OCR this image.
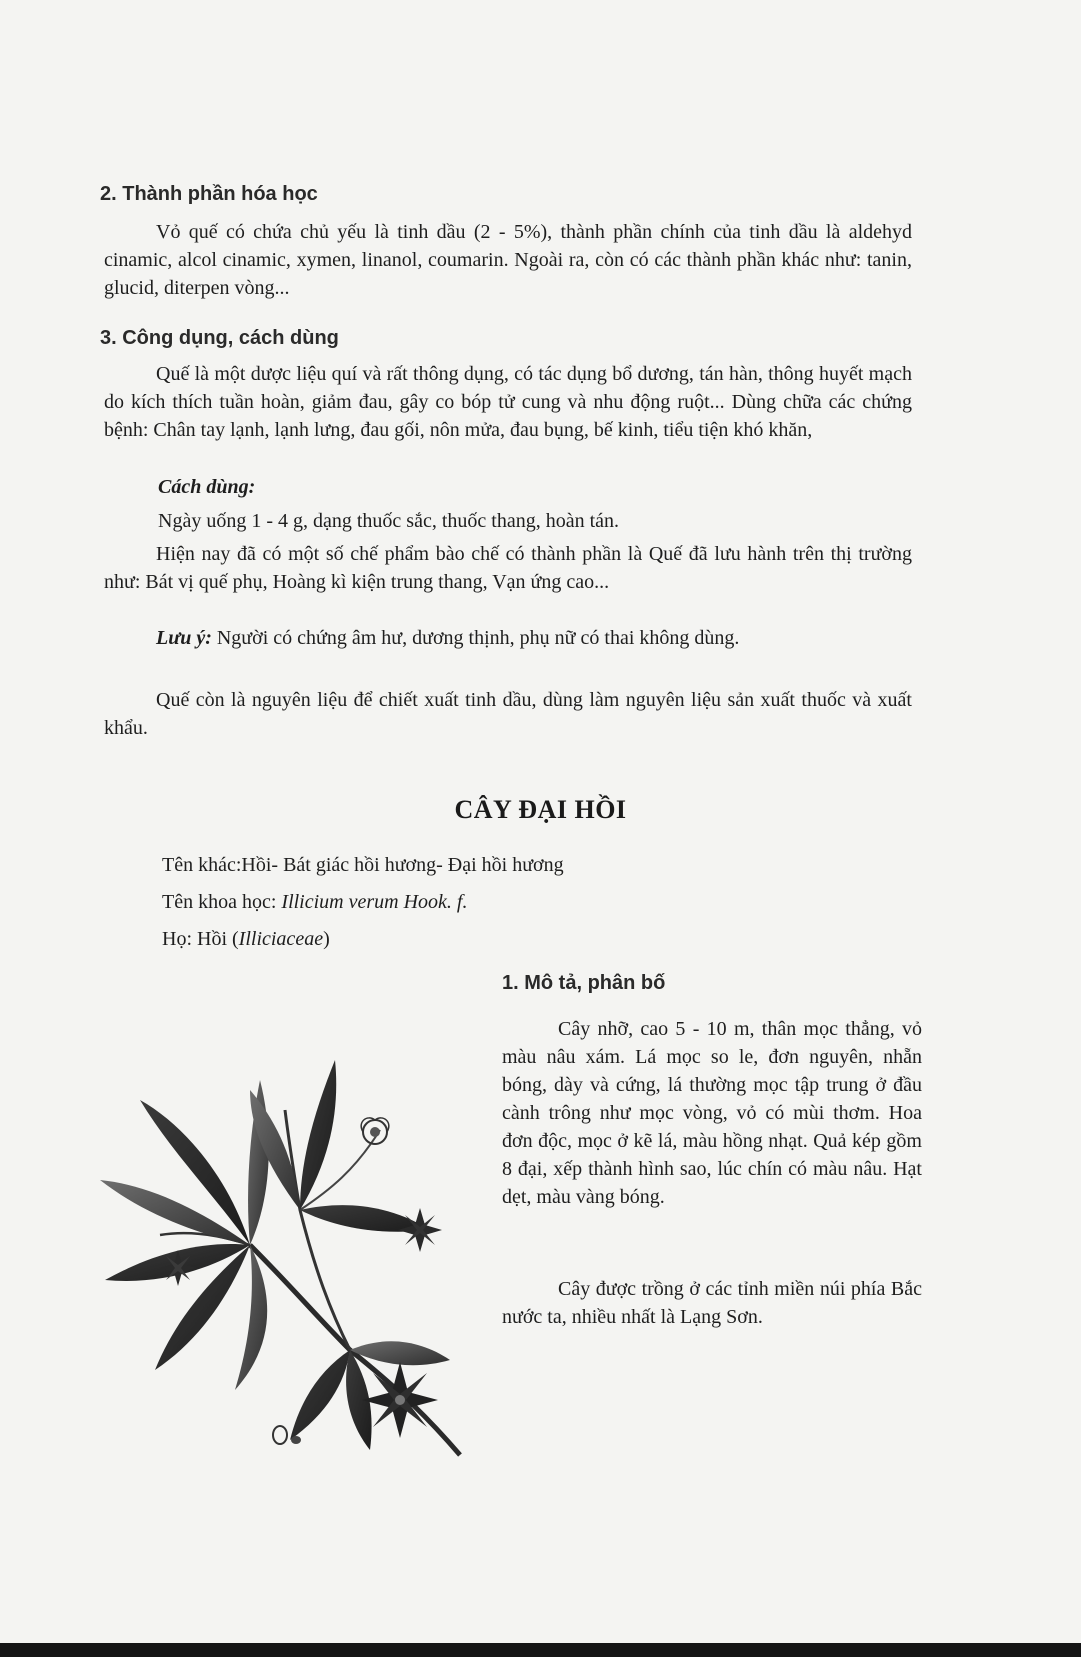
2. Thành phần hóa học

Vỏ quế có chứa chủ yếu là tinh dầu (2 - 5%), thành phần chính của tinh dầu là aldehyd cinamic, alcol cinamic, xymen, linanol, coumarin. Ngoài ra, còn có các thành phần khác như: tanin, glucid, diterpen vòng...

3. Công dụng, cách dùng

Quế là một dược liệu quí và rất thông dụng, có tác dụng bổ dương, tán hàn, thông huyết mạch do kích thích tuần hoàn, giảm đau, gây co bóp tử cung và nhu động ruột... Dùng chữa các chứng bệnh: Chân tay lạnh, lạnh lưng, đau gối, nôn mửa, đau bụng, bế kinh, tiểu tiện khó khăn,

Cách dùng:

Ngày uống 1 - 4 g, dạng thuốc sắc, thuốc thang, hoàn tán.

Hiện nay đã có một số chế phẩm bào chế có thành phần là Quế đã lưu hành trên thị trường như: Bát vị quế phụ, Hoàng kì kiện trung thang, Vạn ứng cao...

Lưu ý: Người có chứng âm hư, dương thịnh, phụ nữ có thai không dùng.

Quế còn là nguyên liệu để chiết xuất tinh dầu, dùng làm nguyên liệu sản xuất thuốc và xuất khẩu.

CÂY ĐẠI HỒI

Tên khác:Hồi- Bát giác hồi hương- Đại hồi hương

Tên khoa học: Illicium verum Hook. f.

Họ: Hồi (Illiciaceae)

1. Mô tả, phân bố

Cây nhỡ, cao 5 - 10 m, thân mọc thẳng, vỏ màu nâu xám. Lá mọc so le, đơn nguyên, nhẵn bóng, dày và cứng, lá thường mọc tập trung ở đầu cành trông như mọc vòng, vỏ có mùi thơm. Hoa đơn độc, mọc ở kẽ lá, màu hồng nhạt. Quả kép gồm 8 đại, xếp thành hình sao, lúc chín có màu nâu. Hạt dẹt, màu vàng bóng.

Cây được trồng ở các tỉnh miền núi phía Bắc nước ta, nhiều nhất là Lạng Sơn.
